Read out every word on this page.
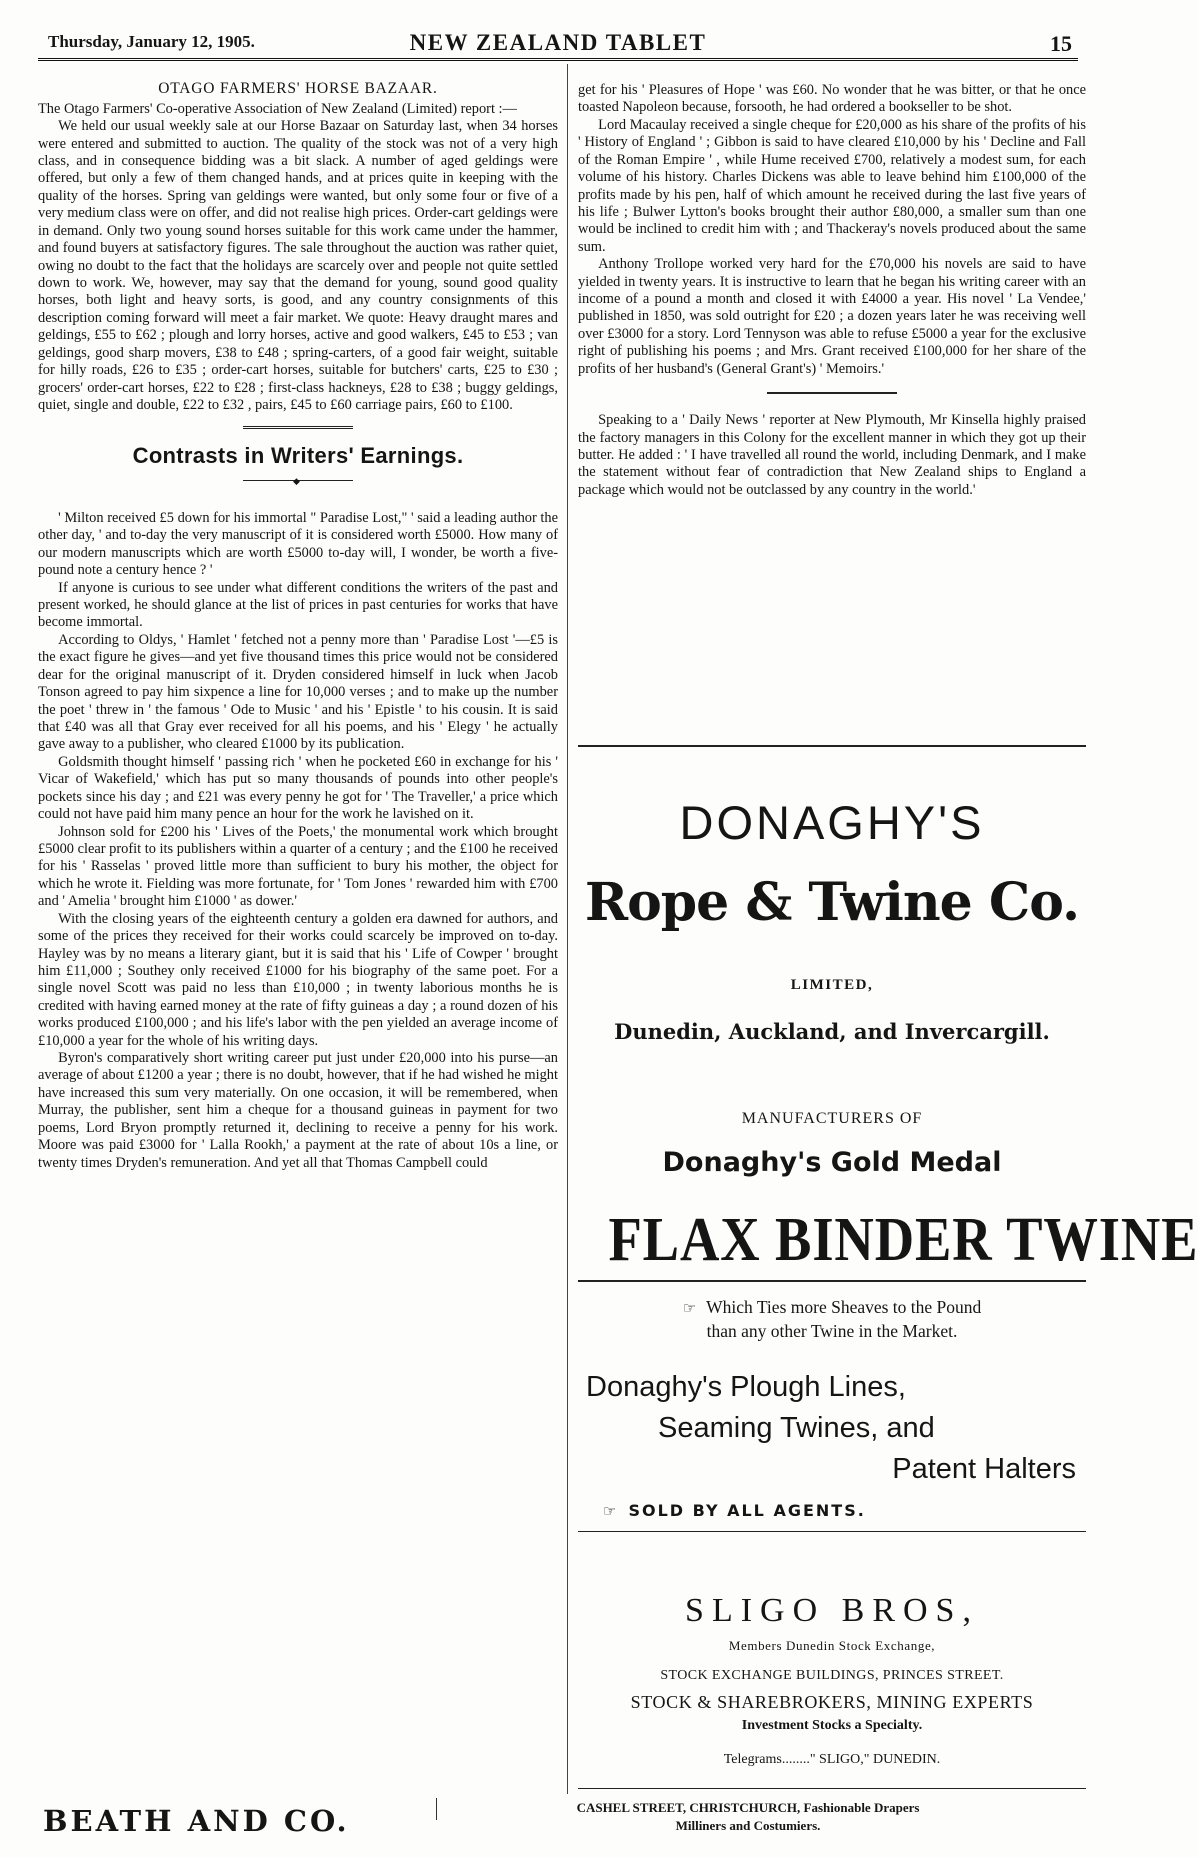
Thursday, January 12, 1905.	NEW ZEALAND TABLET	15
OTAGO FARMERS' HORSE BAZAAR.

The Otago Farmers' Co-operative Association of New Zealand (Limited) report :—

We held our usual weekly sale at our Horse Bazaar on Saturday last, when 34 horses were entered and submitted to auction. The quality of the stock was not of a very high class, and in consequence bidding was a bit slack. A number of aged geldings were offered, but only a few of them changed hands, and at prices quite in keeping with the quality of the horses. Spring van geldings were wanted, but only some four or five of a very medium class were on offer, and did not realise high prices. Order-cart geldings were in demand. Only two young sound horses suitable for this work came under the hammer, and found buyers at satisfactory figures. The sale throughout the auction was rather quiet, owing no doubt to the fact that the holidays are scarcely over and people not quite settled down to work. We, however, may say that the demand for young, sound good quality horses, both light and heavy sorts, is good, and any country consignments of this description coming forward will meet a fair market. We quote: Heavy draught mares and geldings, £55 to £62 ; plough and lorry horses, active and good walkers, £45 to £53 ; van geldings, good sharp movers, £38 to £48 ; spring-carters, of a good fair weight, suitable for hilly roads, £26 to £35 ; order-cart horses, suitable for butchers' carts, £25 to £30 ; grocers' order-cart horses, £22 to £28 ; first-class hackneys, £28 to £38 ; buggy geldings, quiet, single and double, £22 to £32 , pairs, £45 to £60 carriage pairs, £60 to £100.

Contrasts in Writers' Earnings.
◆

' Milton received £5 down for his immortal " Paradise Lost," ' said a leading author the other day, ' and to-day the very manuscript of it is considered worth £5000. How many of our modern manuscripts which are worth £5000 to-day will, I wonder, be worth a five-pound note a century hence ? '

If anyone is curious to see under what different conditions the writers of the past and present worked, he should glance at the list of prices in past centuries for works that have become immortal.

According to Oldys, ' Hamlet ' fetched not a penny more than ' Paradise Lost '—£5 is the exact figure he gives—and yet five thousand times this price would not be considered dear for the original manuscript of it. Dryden considered himself in luck when Jacob Tonson agreed to pay him sixpence a line for 10,000 verses ; and to make up the number the poet ' threw in ' the famous ' Ode to Music ' and his ' Epistle ' to his cousin. It is said that £40 was all that Gray ever received for all his poems, and his ' Elegy ' he actually gave away to a publisher, who cleared £1000 by its publication.

Goldsmith thought himself ' passing rich ' when he pocketed £60 in exchange for his ' Vicar of Wakefield,' which has put so many thousands of pounds into other people's pockets since his day ; and £21 was every penny he got for ' The Traveller,' a price which could not have paid him many pence an hour for the work he lavished on it.

Johnson sold for £200 his ' Lives of the Poets,' the monumental work which brought £5000 clear profit to its publishers within a quarter of a century ; and the £100 he received for his ' Rasselas ' proved little more than sufficient to bury his mother, the object for which he wrote it. Fielding was more fortunate, for ' Tom Jones ' rewarded him with £700 and ' Amelia ' brought him £1000 ' as dower.'

With the closing years of the eighteenth century a golden era dawned for authors, and some of the prices they received for their works could scarcely be improved on to-day. Hayley was by no means a literary giant, but it is said that his ' Life of Cowper ' brought him £11,000 ; Southey only received £1000 for his biography of the same poet. For a single novel Scott was paid no less than £10,000 ; in twenty laborious months he is credited with having earned money at the rate of fifty guineas a day ; a round dozen of his works produced £100,000 ; and his life's labor with the pen yielded an average income of £10,000 a year for the whole of his writing days.

Byron's comparatively short writing career put just under £20,000 into his purse—an average of about £1200 a year ; there is no doubt, however, that if he had wished he might have increased this sum very materially. On one occasion, it will be remembered, when Murray, the publisher, sent him a cheque for a thousand guineas in payment for two poems, Lord Bryon promptly returned it, declining to receive a penny for his work. Moore was paid £3000 for ' Lalla Rookh,' a payment at the rate of about 10s a line, or twenty times Dryden's remuneration. And yet all that Thomas Campbell could

get for his ' Pleasures of Hope ' was £60. No wonder that he was bitter, or that he once toasted Napoleon because, forsooth, he had ordered a bookseller to be shot.

Lord Macaulay received a single cheque for £20,000 as his share of the profits of his ' History of England ' ; Gibbon is said to have cleared £10,000 by his ' Decline and Fall of the Roman Empire ' , while Hume received £700, relatively a modest sum, for each volume of his history. Charles Dickens was able to leave behind him £100,000 of the profits made by his pen, half of which amount he received during the last five years of his life ; Bulwer Lytton's books brought their author £80,000, a smaller sum than one would be inclined to credit him with ; and Thackeray's novels produced about the same sum.

Anthony Trollope worked very hard for the £70,000 his novels are said to have yielded in twenty years. It is instructive to learn that he began his writing career with an income of a pound a month and closed it with £4000 a year. His novel ' La Vendee,' published in 1850, was sold outright for £20 ; a dozen years later he was receiving well over £3000 for a story. Lord Tennyson was able to refuse £5000 a year for the exclusive right of publishing his poems ; and Mrs. Grant received £100,000 for her share of the profits of her husband's (General Grant's) ' Memoirs.'

Speaking to a ' Daily News ' reporter at New Plymouth, Mr Kinsella highly praised the factory managers in this Colony for the excellent manner in which they got up their butter. He added : ' I have travelled all round the world, including Denmark, and I make the statement without fear of contradiction that New Zealand ships to England a package which would not be outclassed by any country in the world.'

DONAGHY'S
Rope & Twine Co.
LIMITED,
Dunedin, Auckland, and Invercargill.
MANUFACTURERS OF
Donaghy's Gold Medal
FLAX BINDER TWINE
☞ Which Ties more Sheaves to the Pound
than any other Twine in the Market.
Donaghy's Plough Lines,
Seaming Twines, and
Patent Halters
☞ SOLD BY ALL AGENTS.
SLIGO BROS,
Members Dunedin Stock Exchange,
STOCK EXCHANGE BUILDINGS, PRINCES STREET.
STOCK & SHAREBROKERS, MINING EXPERTS
Investment Stocks a Specialty.
Telegrams........" SLIGO," DUNEDIN.
BEATH AND CO.	CASHEL STREET, CHRISTCHURCH, Fashionable Drapers
Milliners and Costumiers.
